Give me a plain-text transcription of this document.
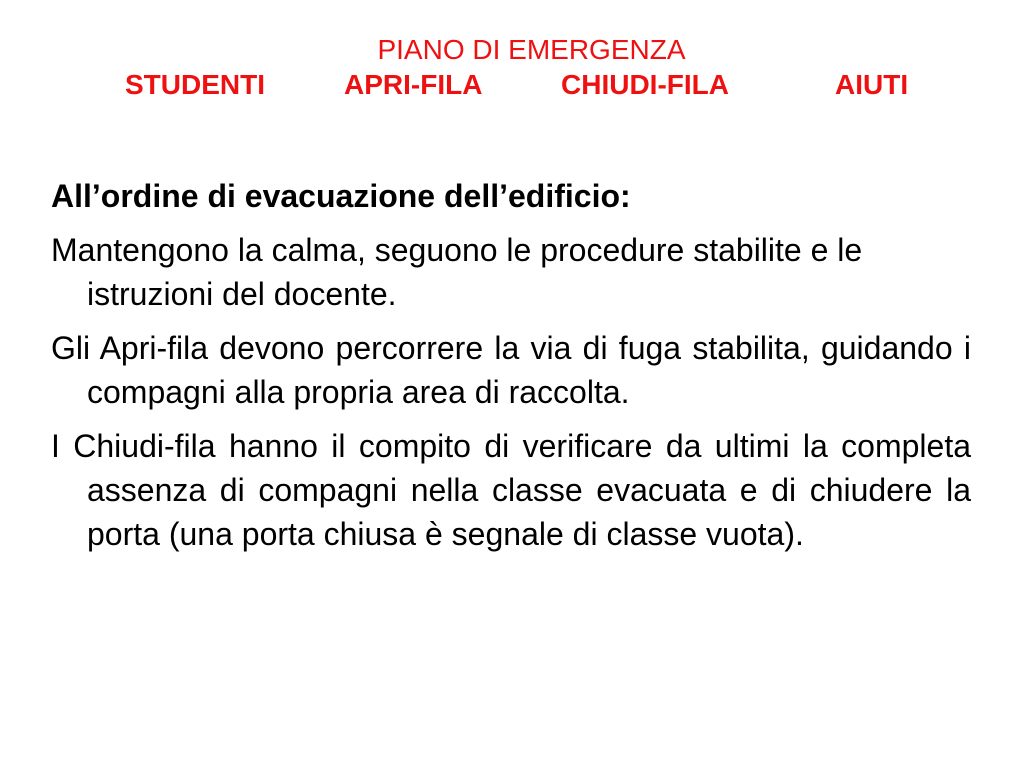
PIANO DI EMERGENZA
STUDENTI	APRI-FILA	CHIUDI-FILA	AIUTI

All’ordine di evacuazione dell’edificio:

Mantengono la calma, seguono le procedure stabilite e le istruzioni del docente.

Gli Apri-fila devono percorrere la via di fuga stabilita, guidando i compagni alla propria area di raccolta.

I Chiudi-fila hanno il compito di verificare da ultimi la completa assenza di compagni nella classe evacuata e di chiudere la porta (una porta chiusa è segnale di classe vuota).
